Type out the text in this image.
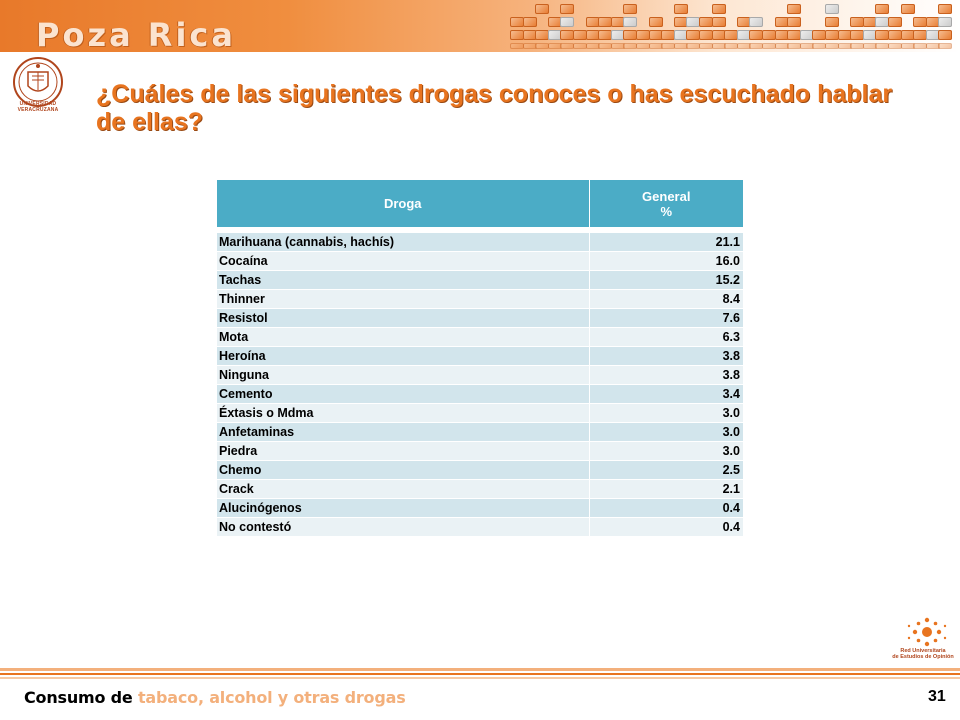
Poza Rica
UNIVERSIDAD VERACRUZANA
¿Cuáles de las siguientes drogas conoces o has escuchado hablar de ellas?
Droga	General
%

Marihuana (cannabis, hachís)	21.1
Cocaína	16.0
Tachas	15.2
Thinner	8.4
Resistol	7.6
Mota	6.3
Heroína	3.8
Ninguna	3.8
Cemento	3.4
Éxtasis o Mdma	3.0
Anfetaminas	3.0
Piedra	3.0
Chemo	2.5
Crack	2.1
Alucinógenos	0.4
No contestó	0.4
Red Universitaria
de Estudios de Opinión
Consumo de tabaco, alcohol y otras drogas	31
